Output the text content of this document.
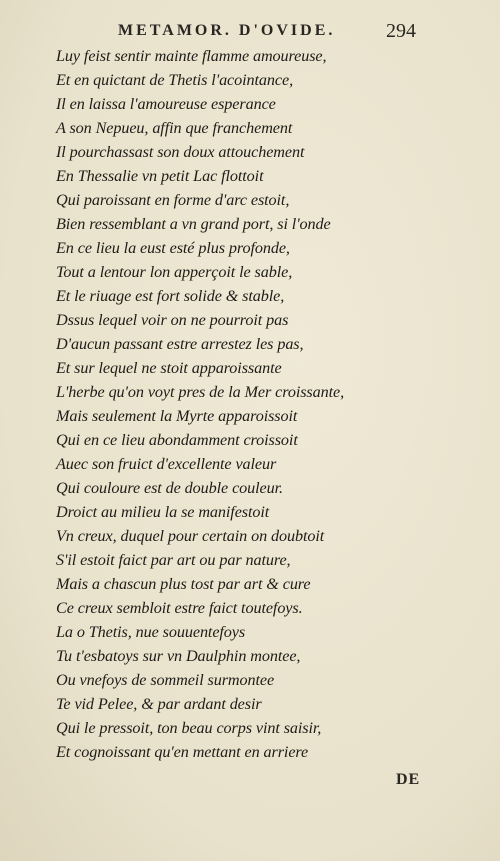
METAMOR. D'OVIDE.	294
Luy feist sentir mainte flamme amoureuse,
Et en quictant de Thetis l'acointance,
Il en laissa l'amoureuse esperance
A son Nepueu, affin que franchement
Il pourchassast son doux attouchement
En Thessalie vn petit Lac flottoit
Qui paroissant en forme d'arc estoit,
Bien ressemblant a vn grand port, si l'onde
En ce lieu la eust esté plus profonde,
Tout a lentour lon apperçoit le sable,
Et le riuage est fort solide & stable,
Dssus lequel voir on ne pourroit pas
D'aucun passant estre arrestez les pas,
Et sur lequel ne stoit apparoissante
L'herbe qu'on voyt pres de la Mer croissante,
Mais seulement la Myrte apparoissoit
Qui en ce lieu abondamment croissoit
Auec son fruict d'excellente valeur
Qui couloure est de double couleur.
Droict au milieu la se manifestoit
Vn creux, duquel pour certain on doubtoit
S'il estoit faict par art ou par nature,
Mais a chascun plus tost par art & cure
Ce creux sembloit estre faict toutefoys.
La o Thetis, nue souuentefoys
Tu t'esbatoys sur vn Daulphin montee,
Ou vnefoys de sommeil surmontee
Te vid Pelee, & par ardant desir
Qui le pressoit, ton beau corps vint saisir,
Et cognoissant qu'en mettant en arriere
DE
